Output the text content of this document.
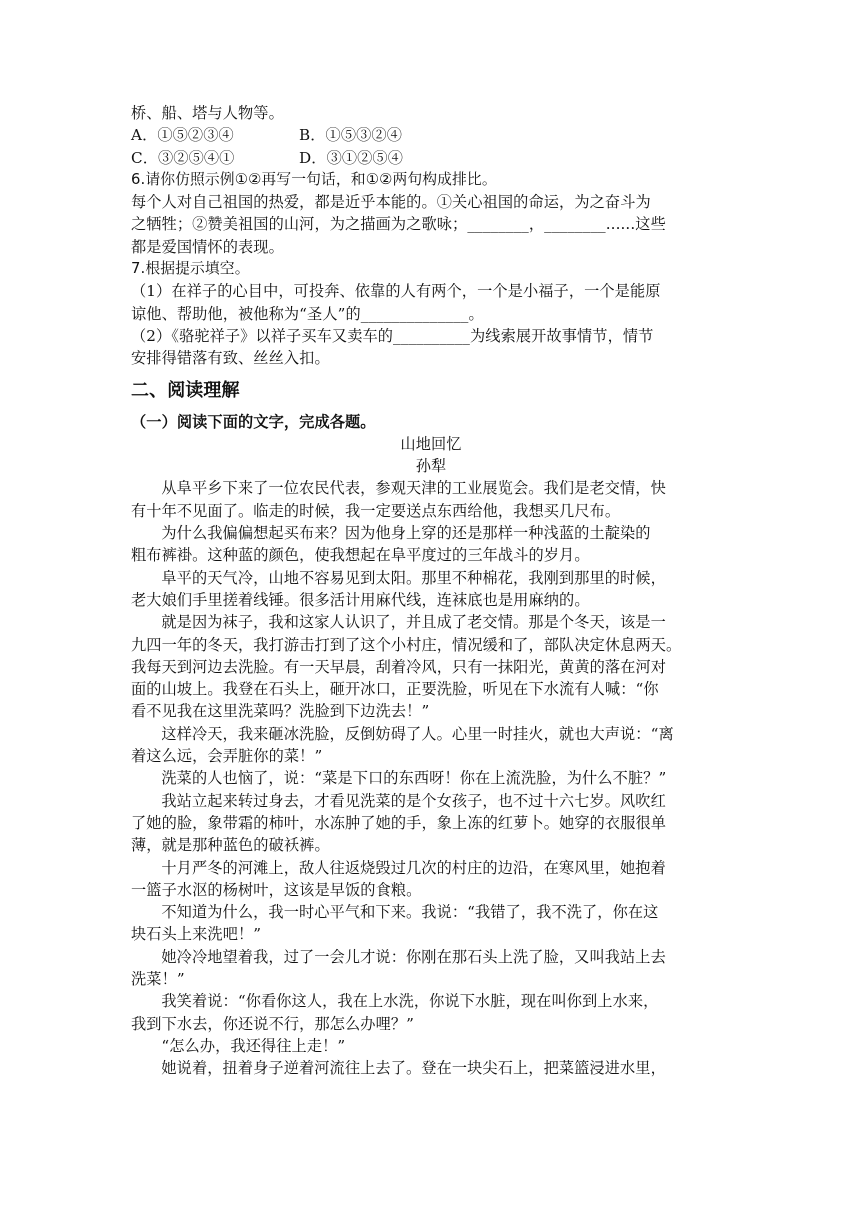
桥、船、塔与人物等。

A．①⑤②③④	B．①⑤③②④
C．③②⑤④①	D．③①②⑤④

6.请你仿照示例①②再写一句话，和①②两句构成排比。

每个人对自己祖国的热爱，都是近乎本能的。①关心祖国的命运，为之奋斗为

之牺牲；②赞美祖国的山河，为之描画为之歌咏；________，________......这些

都是爱国情怀的表现。

7.根据提示填空。

（1）在祥子的心目中，可投奔、依靠的人有两个，一个是小福子，一个是能原

谅他、帮助他，被他称为“圣人”的______________。

（2）《骆驼祥子》以祥子买车又卖车的__________为线索展开故事情节，情节

安排得错落有致、丝丝入扣。

二、阅读理解

（一）阅读下面的文字，完成各题。

山地回忆

孙犁

从阜平乡下来了一位农民代表，参观天津的工业展览会。我们是老交情，快

有十年不见面了。临走的时候，我一定要送点东西给他，我想买几尺布。

为什么我偏偏想起买布来？因为他身上穿的还是那样一种浅蓝的土靛染的

粗布裤褂。这种蓝的颜色，使我想起在阜平度过的三年战斗的岁月。

阜平的天气冷，山地不容易见到太阳。那里不种棉花，我刚到那里的时候，

老大娘们手里搓着线锤。很多活计用麻代线，连袜底也是用麻纳的。

就是因为袜子，我和这家人认识了，并且成了老交情。那是个冬天，该是一

九四一年的冬天，我打游击打到了这个小村庄，情况缓和了，部队决定休息两天。

我每天到河边去洗脸。有一天早晨，刮着冷风，只有一抹阳光，黄黄的落在河对

面的山坡上。我登在石头上，砸开冰口，正要洗脸，听见在下水流有人喊：“你

看不见我在这里洗菜吗？洗脸到下边洗去！”

这样冷天，我来砸冰洗脸，反倒妨碍了人。心里一时挂火，就也大声说：“离

着这么远，会弄脏你的菜！”

洗菜的人也恼了，说：“菜是下口的东西呀！你在上流洗脸，为什么不脏？”

我站立起来转过身去，才看见洗菜的是个女孩子，也不过十六七岁。风吹红

了她的脸，象带霜的柿叶，水冻肿了她的手，象上冻的红萝卜。她穿的衣服很单

薄，就是那种蓝色的破袄裤。

十月严冬的河滩上，敌人往返烧毁过几次的村庄的边沿，在寒风里，她抱着

一篮子水沤的杨树叶，这该是早饭的食粮。

不知道为什么，我一时心平气和下来。我说：“我错了，我不洗了，你在这

块石头上来洗吧！”

她冷冷地望着我，过了一会儿才说：你刚在那石头上洗了脸，又叫我站上去

洗菜！”

我笑着说：“你看你这人，我在上水洗，你说下水脏，现在叫你到上水来，

我到下水去，你还说不行，那怎么办哩？”

“怎么办，我还得往上走！”

她说着，扭着身子逆着河流往上去了。登在一块尖石上，把菜篮浸进水里，
